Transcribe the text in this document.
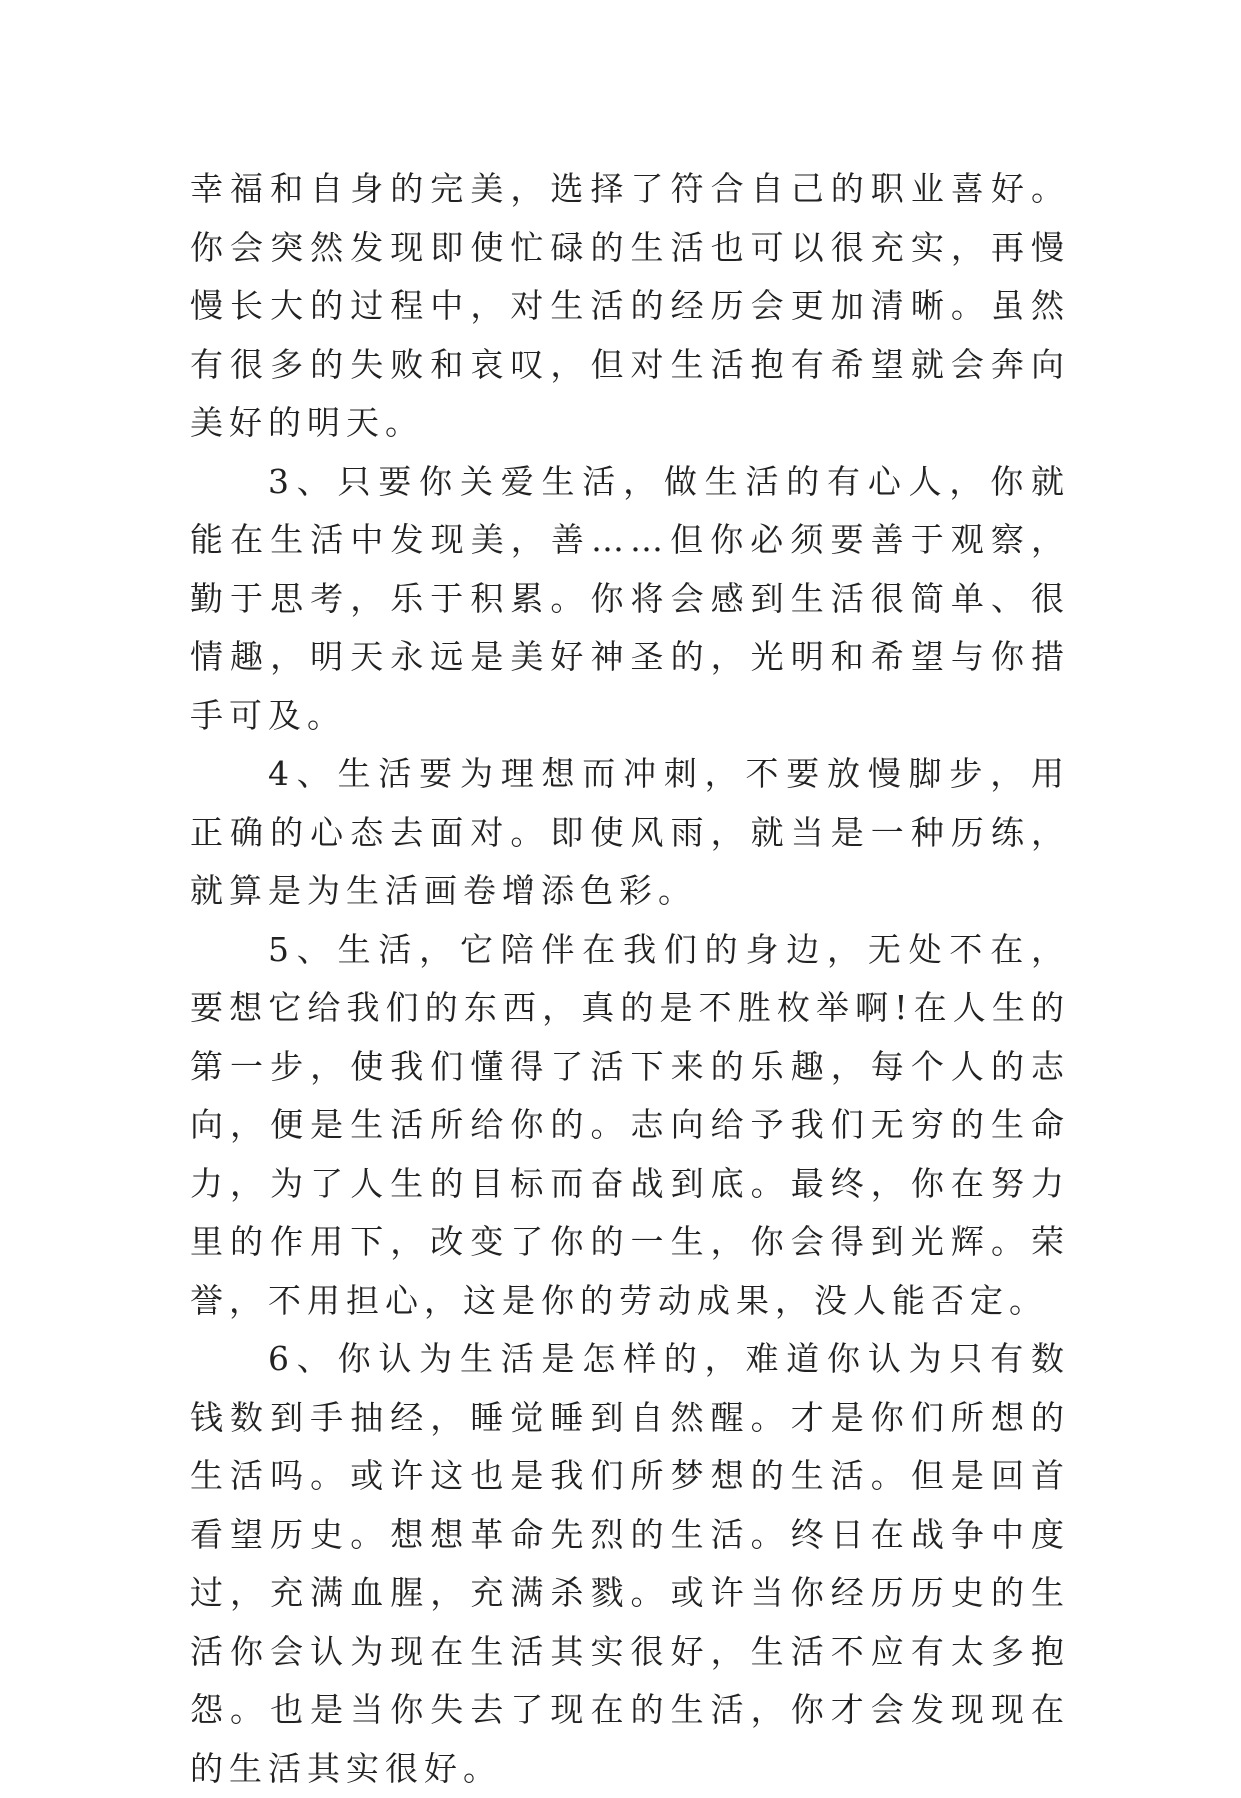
幸福和自身的完美，选择了符合自己的职业喜好。你会突然发现即使忙碌的生活也可以很充实，再慢慢长大的过程中，对生活的经历会更加清晰。虽然有很多的失败和哀叹，但对生活抱有希望就会奔向美好的明天。

3、只要你关爱生活，做生活的有心人，你就能在生活中发现美，善……但你必须要善于观察，勤于思考，乐于积累。你将会感到生活很简单、很情趣，明天永远是美好神圣的，光明和希望与你措手可及。

4、生活要为理想而冲刺，不要放慢脚步，用正确的心态去面对。即使风雨，就当是一种历练，就算是为生活画卷增添色彩。

5、生活，它陪伴在我们的身边，无处不在，要想它给我们的东西，真的是不胜枚举啊!在人生的第一步，使我们懂得了活下来的乐趣，每个人的志向，便是生活所给你的。志向给予我们无穷的生命力，为了人生的目标而奋战到底。最终，你在努力里的作用下，改变了你的一生，你会得到光辉。荣誉，不用担心，这是你的劳动成果，没人能否定。

6、你认为生活是怎样的，难道你认为只有数钱数到手抽经，睡觉睡到自然醒。才是你们所想的生活吗。或许这也是我们所梦想的生活。但是回首看望历史。想想革命先烈的生活。终日在战争中度过，充满血腥，充满杀戮。或许当你经历历史的生活你会认为现在生活其实很好，生活不应有太多抱怨。也是当你失去了现在的生活，你才会发现现在的生活其实很好。
